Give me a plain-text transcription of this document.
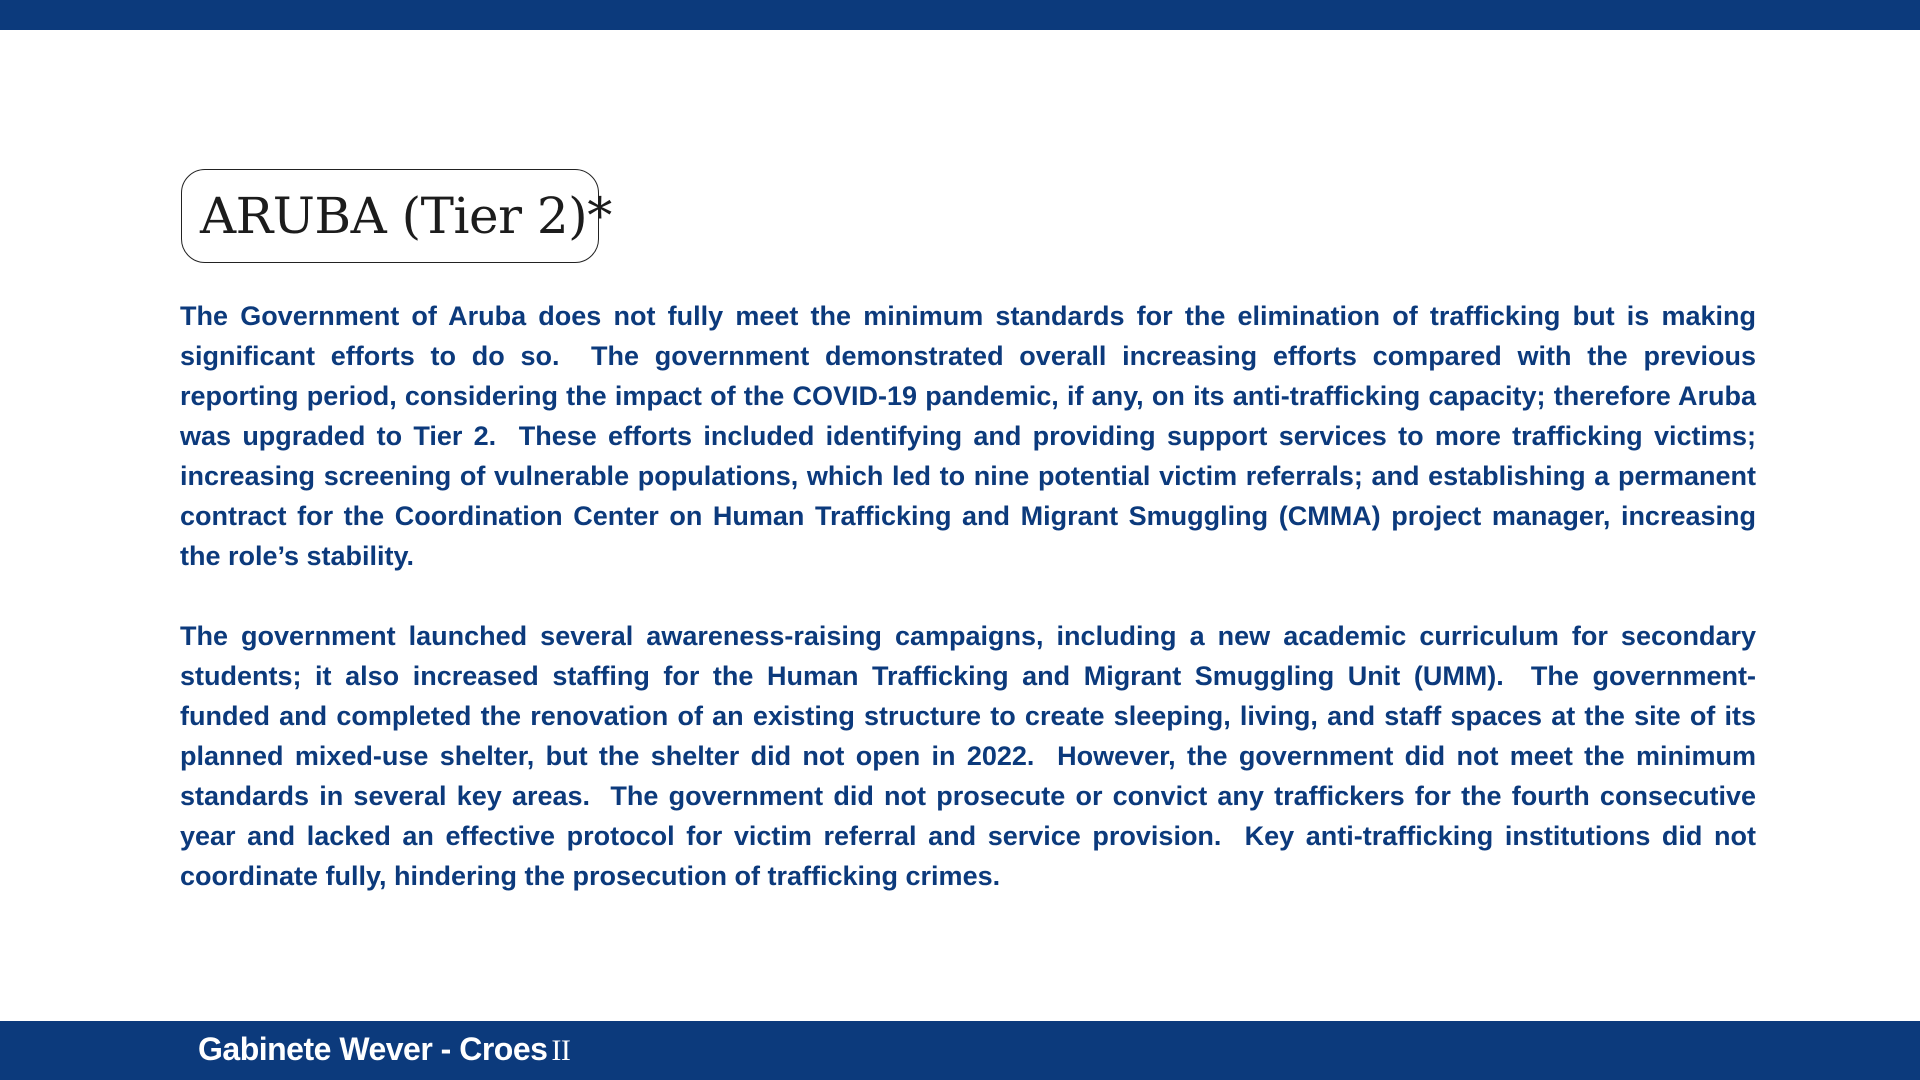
ARUBA (Tier 2)*

The Government of Aruba does not fully meet the minimum standards for the elimination of trafficking but is making significant efforts to do so.  The government demonstrated overall increasing efforts compared with the previous reporting period, considering the impact of the COVID-19 pandemic, if any, on its anti-trafficking capacity; therefore Aruba was upgraded to Tier 2.  These efforts included identifying and providing support services to more trafficking victims; increasing screening of vulnerable populations, which led to nine potential victim referrals; and establishing a permanent contract for the Coordination Center on Human Trafficking and Migrant Smuggling (CMMA) project manager, increasing the role’s stability.

The government launched several awareness-raising campaigns, including a new academic curriculum for secondary students; it also increased staffing for the Human Trafficking and Migrant Smuggling Unit (UMM).  The government- funded and completed the renovation of an existing structure to create sleeping, living, and staff spaces at the site of its planned mixed-use shelter, but the shelter did not open in 2022.  However, the government did not meet the minimum standards in several key areas.  The government did not prosecute or convict any traffickers for the fourth consecutive year and lacked an effective protocol for victim referral and service provision.  Key anti-trafficking institutions did not coordinate fully, hindering the prosecution of trafficking crimes.

Gabinete Wever - Croes II
